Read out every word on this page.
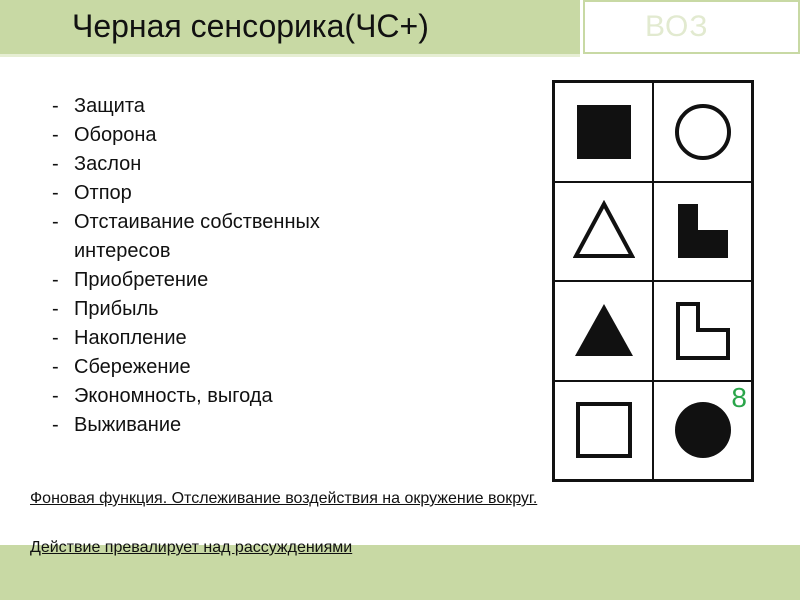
Черная сенсорика(ЧС+)	ВОЗ
- Защита
- Оборона
- Заслон
- Отпор
- Отстаивание собственных интересов
- Приобретение
- Прибыль
- Накопление
- Сбережение
- Экономность, выгода
- Выживание
8
Фоновая функция. Отслеживание воздействия на окружение вокруг.
Действие превалирует над рассуждениями
